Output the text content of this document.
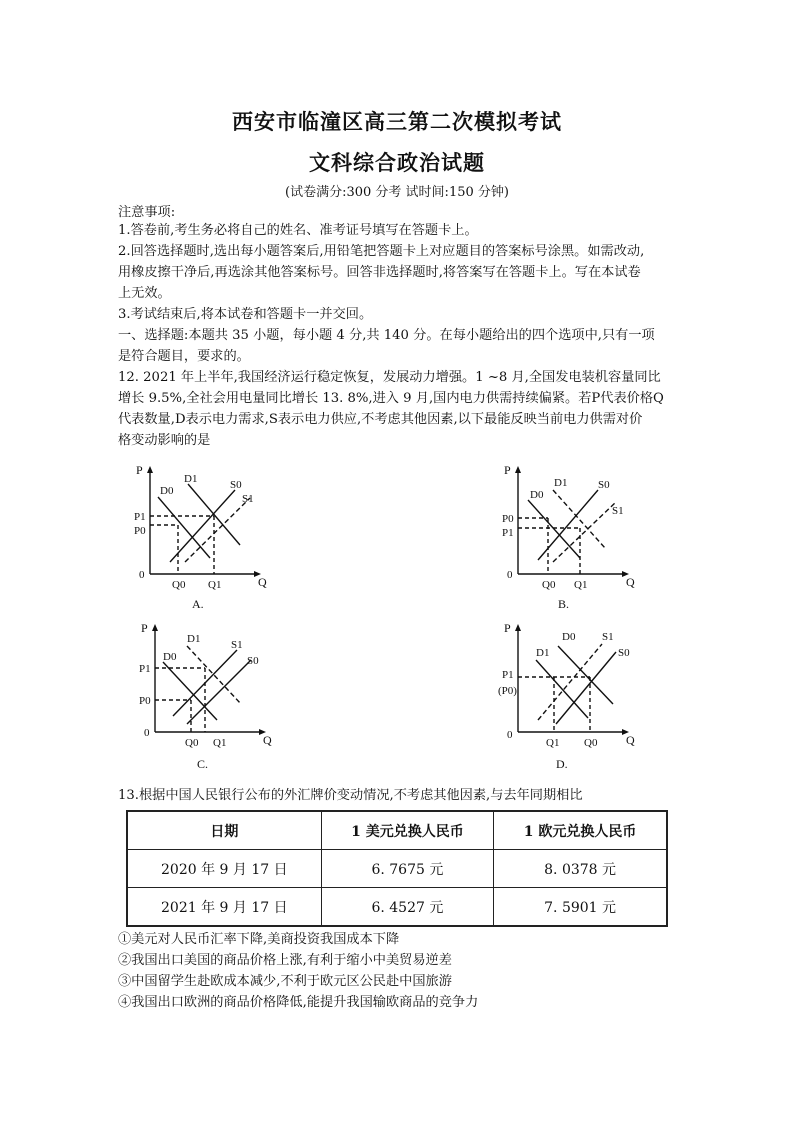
西安市临潼区高三第二次模拟考试
文科综合政治试题
(试卷满分:300 分考 试时间:150 分钟)
注意事项:
1.答卷前,考生务必将自己的姓名、准考证号填写在答题卡上。
2.回答选择题时,选出每小题答案后,用铅笔把答题卡上对应题目的答案标号涂黑。如需改动,
用橡皮擦干净后,再选涂其他答案标号。回答非选择题时,将答案写在答题卡上。写在本试卷
上无效。
3.考试结束后,将本试卷和答题卡一并交回。
一、选择题:本题共 35 小题，每小题 4 分,共 140 分。在每小题给出的四个选项中,只有一项
是符合题目，要求的。
12. 2021 年上半年,我国经济运行稳定恢复，发展动力增强。1 ~8 月,全国发电装机容量同比
增长 9.5%,全社会用电量同比增长 13. 8%,进入 9 月,国内电力供需持续偏紧。若P代表价格Q
代表数量,D表示电力需求,S表示电力供应,不考虑其他因素,以下最能反映当前电力供需对价
格变动影响的是
P
Q
0
P1
P0
Q0 Q1
D0
D1	S0
S1
A.
P
Q
0
P0
P1
Q0 Q1
D0
D1	S0
S1
B.
P
Q
0
P1
P0
Q0 Q1
D0
D1
S0
S1
C.
P
Q
0
P1
(P0)
Q1 Q0
D0
D1	S0
S1
D.
13.根据中国人民银行公布的外汇牌价变动情况,不考虑其他因素,与去年同期相比
日期	1 美元兑换人民币	1 欧元兑换人民币
2020 年 9 月 17 日	6. 7675 元	8. 0378 元
2021 年 9 月 17 日	6. 4527 元	7. 5901 元
①美元对人民币汇率下降,美商投资我国成本下降
②我国出口美国的商品价格上涨,有利于缩小中美贸易逆差
③中国留学生赴欧成本减少,不利于欧元区公民赴中国旅游
④我国出口欧洲的商品价格降低,能提升我国输欧商品的竞争力
